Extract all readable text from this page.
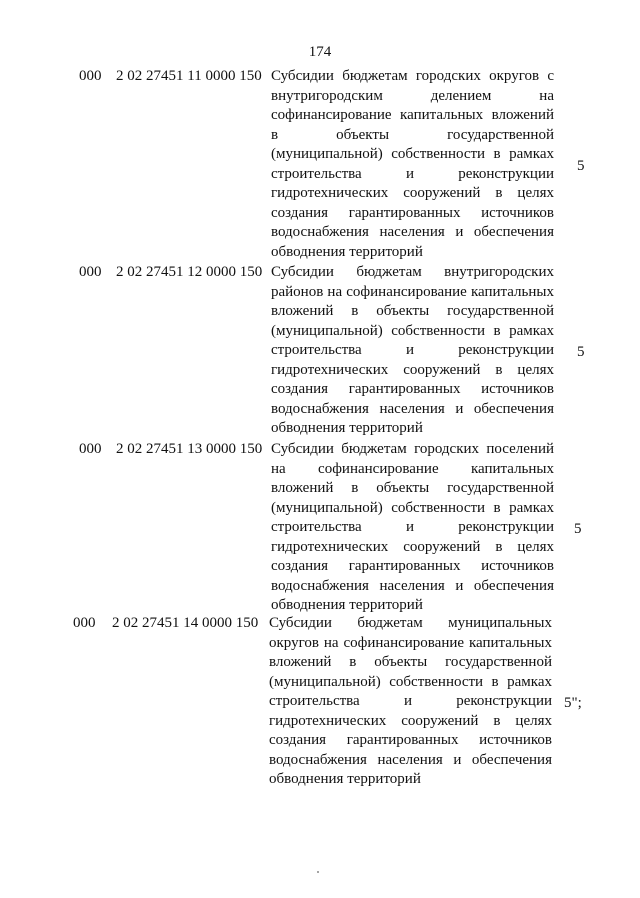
174
000 2 02 27451 11 0000 150 Субсидии бюджетам городских округов с внутригородским делением на софинансирование капитальных вложений в объекты государственной (муниципальной) собственности в рамках строительства и реконструкции гидротехнических сооружений в целях создания гарантированных источников водоснабжения населения и обеспечения обводнения территорий
5
000 2 02 27451 12 0000 150 Субсидии бюджетам внутригородских районов на софинансирование капитальных вложений в объекты государственной (муниципальной) собственности в рамках строительства и реконструкции гидротехнических сооружений в целях создания гарантированных источников водоснабжения населения и обеспечения обводнения территорий
5
000 2 02 27451 13 0000 150 Субсидии бюджетам городских поселений на софинансирование капитальных вложений в объекты государственной (муниципальной) собственности в рамках строительства и реконструкции гидротехнических сооружений в целях создания гарантированных источников водоснабжения населения и обеспечения обводнения территорий
5
000 2 02 27451 14 0000 150 Субсидии бюджетам муниципальных округов на софинансирование капитальных вложений в объекты государственной (муниципальной) собственности в рамках строительства и реконструкции гидротехнических сооружений в целях создания гарантированных источников водоснабжения населения и обеспечения обводнения территорий
5";
